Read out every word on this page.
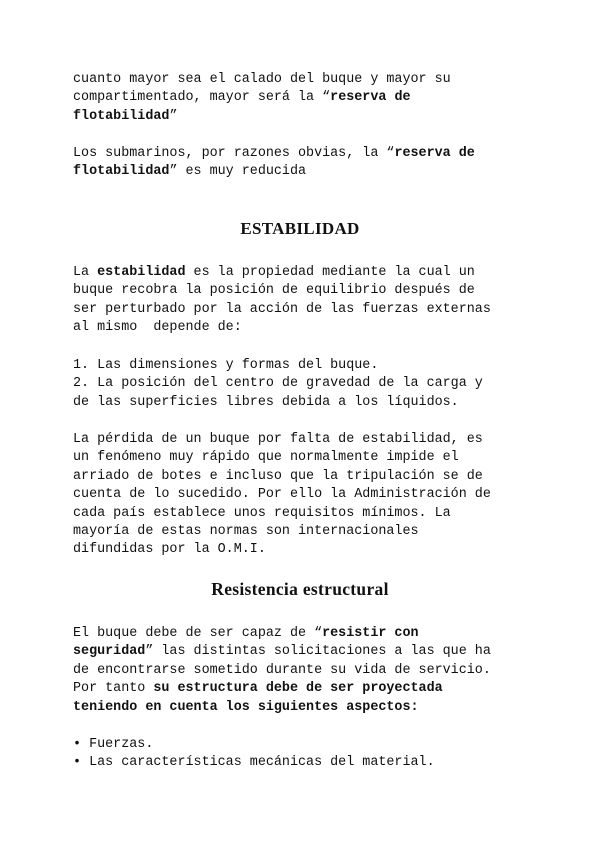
cuanto mayor sea el calado del buque y mayor su
compartimentado, mayor será la “reserva de
flotabilidad”
Los submarinos, por razones obvias, la “reserva de
flotabilidad” es muy reducida
ESTABILIDAD
La estabilidad es la propiedad mediante la cual un
buque recobra la posición de equilibrio después de
ser perturbado por la acción de las fuerzas externas
al mismo  depende de:
1. Las dimensiones y formas del buque.
2. La posición del centro de gravedad de la carga y
de las superficies libres debida a los líquidos.
La pérdida de un buque por falta de estabilidad, es
un fenómeno muy rápido que normalmente impide el
arriado de botes e incluso que la tripulación se de
cuenta de lo sucedido. Por ello la Administración de
cada país establece unos requisitos mínimos. La
mayoría de estas normas son internacionales
difundidas por la O.M.I.
Resistencia estructural
El buque debe de ser capaz de “resistir con
seguridad” las distintas solicitaciones a las que ha
de encontrarse sometido durante su vida de servicio.
Por tanto su estructura debe de ser proyectada
teniendo en cuenta los siguientes aspectos:
• Fuerzas.
• Las características mecánicas del material.
